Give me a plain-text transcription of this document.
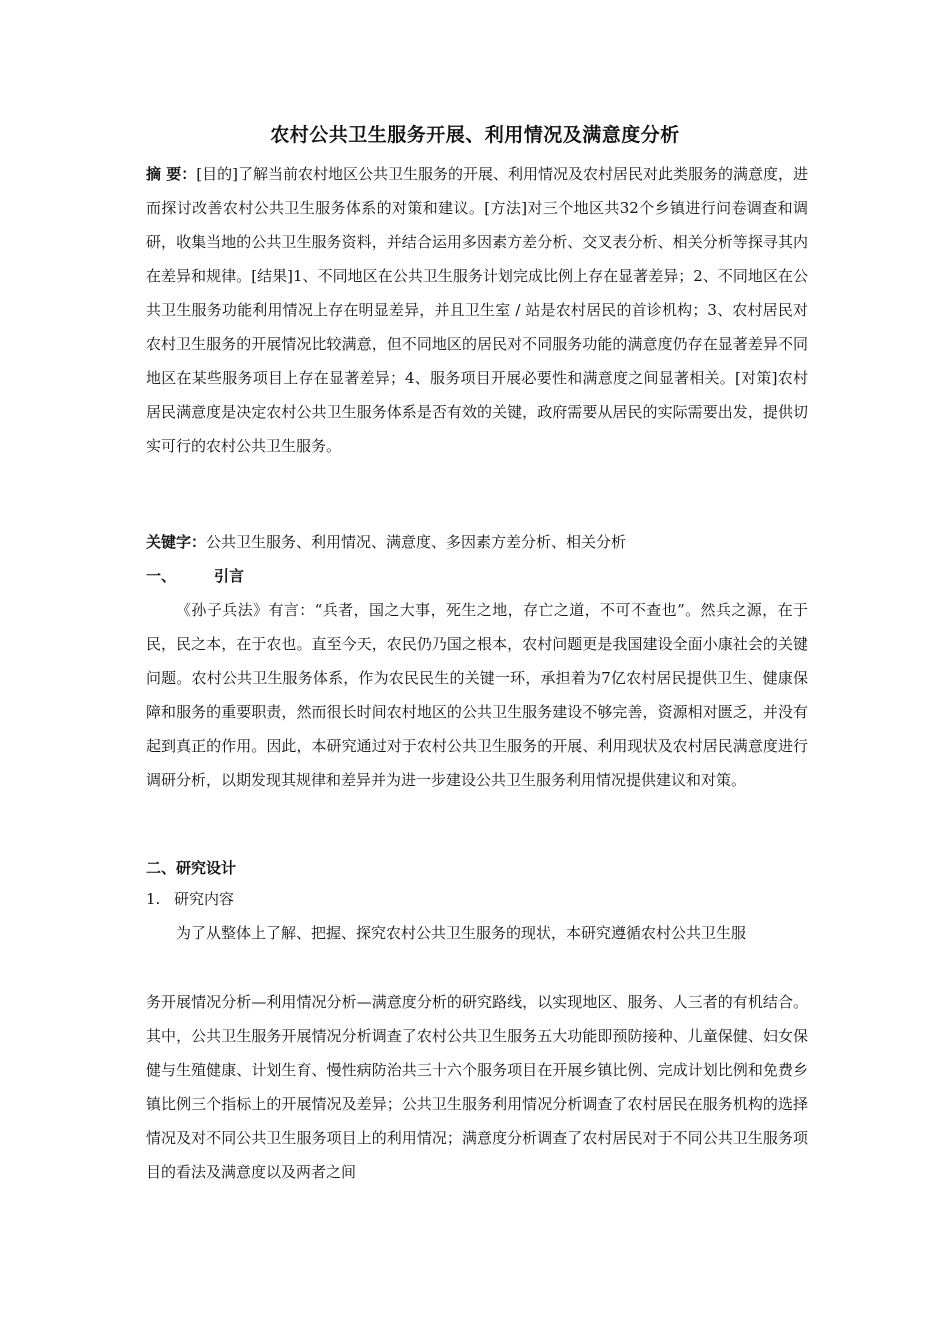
农村公共卫生服务开展、利用情况及满意度分析
摘 要：[目的]了解当前农村地区公共卫生服务的开展、利用情况及农村居民对此类服务的满意度，进而探讨改善农村公共卫生服务体系的对策和建议。[方法]对三个地区共32个乡镇进行问卷调查和调研，收集当地的公共卫生服务资料，并结合运用多因素方差分析、交叉表分析、相关分析等探寻其内在差异和规律。[结果]1、不同地区在公共卫生服务计划完成比例上存在显著差异；2、不同地区在公共卫生服务功能利用情况上存在明显差异，并且卫生室 / 站是农村居民的首诊机构；3、农村居民对农村卫生服务的开展情况比较满意，但不同地区的居民对不同服务功能的满意度仍存在显著差异不同地区在某些服务项目上存在显著差异；4、服务项目开展必要性和满意度之间显著相关。[对策]农村居民满意度是决定农村公共卫生服务体系是否有效的关键，政府需要从居民的实际需要出发，提供切实可行的农村公共卫生服务。
关键字：公共卫生服务、利用情况、满意度、多因素方差分析、相关分析
一、	引言
《孙子兵法》有言：“兵者，国之大事，死生之地，存亡之道，不可不查也”。然兵之源，在于民，民之本，在于农也。直至今天，农民仍乃国之根本，农村问题更是我国建设全面小康社会的关键问题。农村公共卫生服务体系，作为农民民生的关键一环，承担着为7亿农村居民提供卫生、健康保障和服务的重要职责，然而很长时间农村地区的公共卫生服务建设不够完善，资源相对匮乏，并没有起到真正的作用。因此，本研究通过对于农村公共卫生服务的开展、利用现状及农村居民满意度进行调研分析，以期发现其规律和差异并为进一步建设公共卫生服务利用情况提供建议和对策。
二、研究设计
1. 研究内容
为了从整体上了解、把握、探究农村公共卫生服务的现状，本研究遵循农村公共卫生服
务开展情况分析—利用情况分析—满意度分析的研究路线，以实现地区、服务、人三者的有机结合。其中，公共卫生服务开展情况分析调查了农村公共卫生服务五大功能即预防接种、儿童保健、妇女保健与生殖健康、计划生育、慢性病防治共三十六个服务项目在开展乡镇比例、完成计划比例和免费乡镇比例三个指标上的开展情况及差异；公共卫生服务利用情况分析调查了农村居民在服务机构的选择情况及对不同公共卫生服务项目上的利用情况；满意度分析调查了农村居民对于不同公共卫生服务项目的看法及满意度以及两者之间
